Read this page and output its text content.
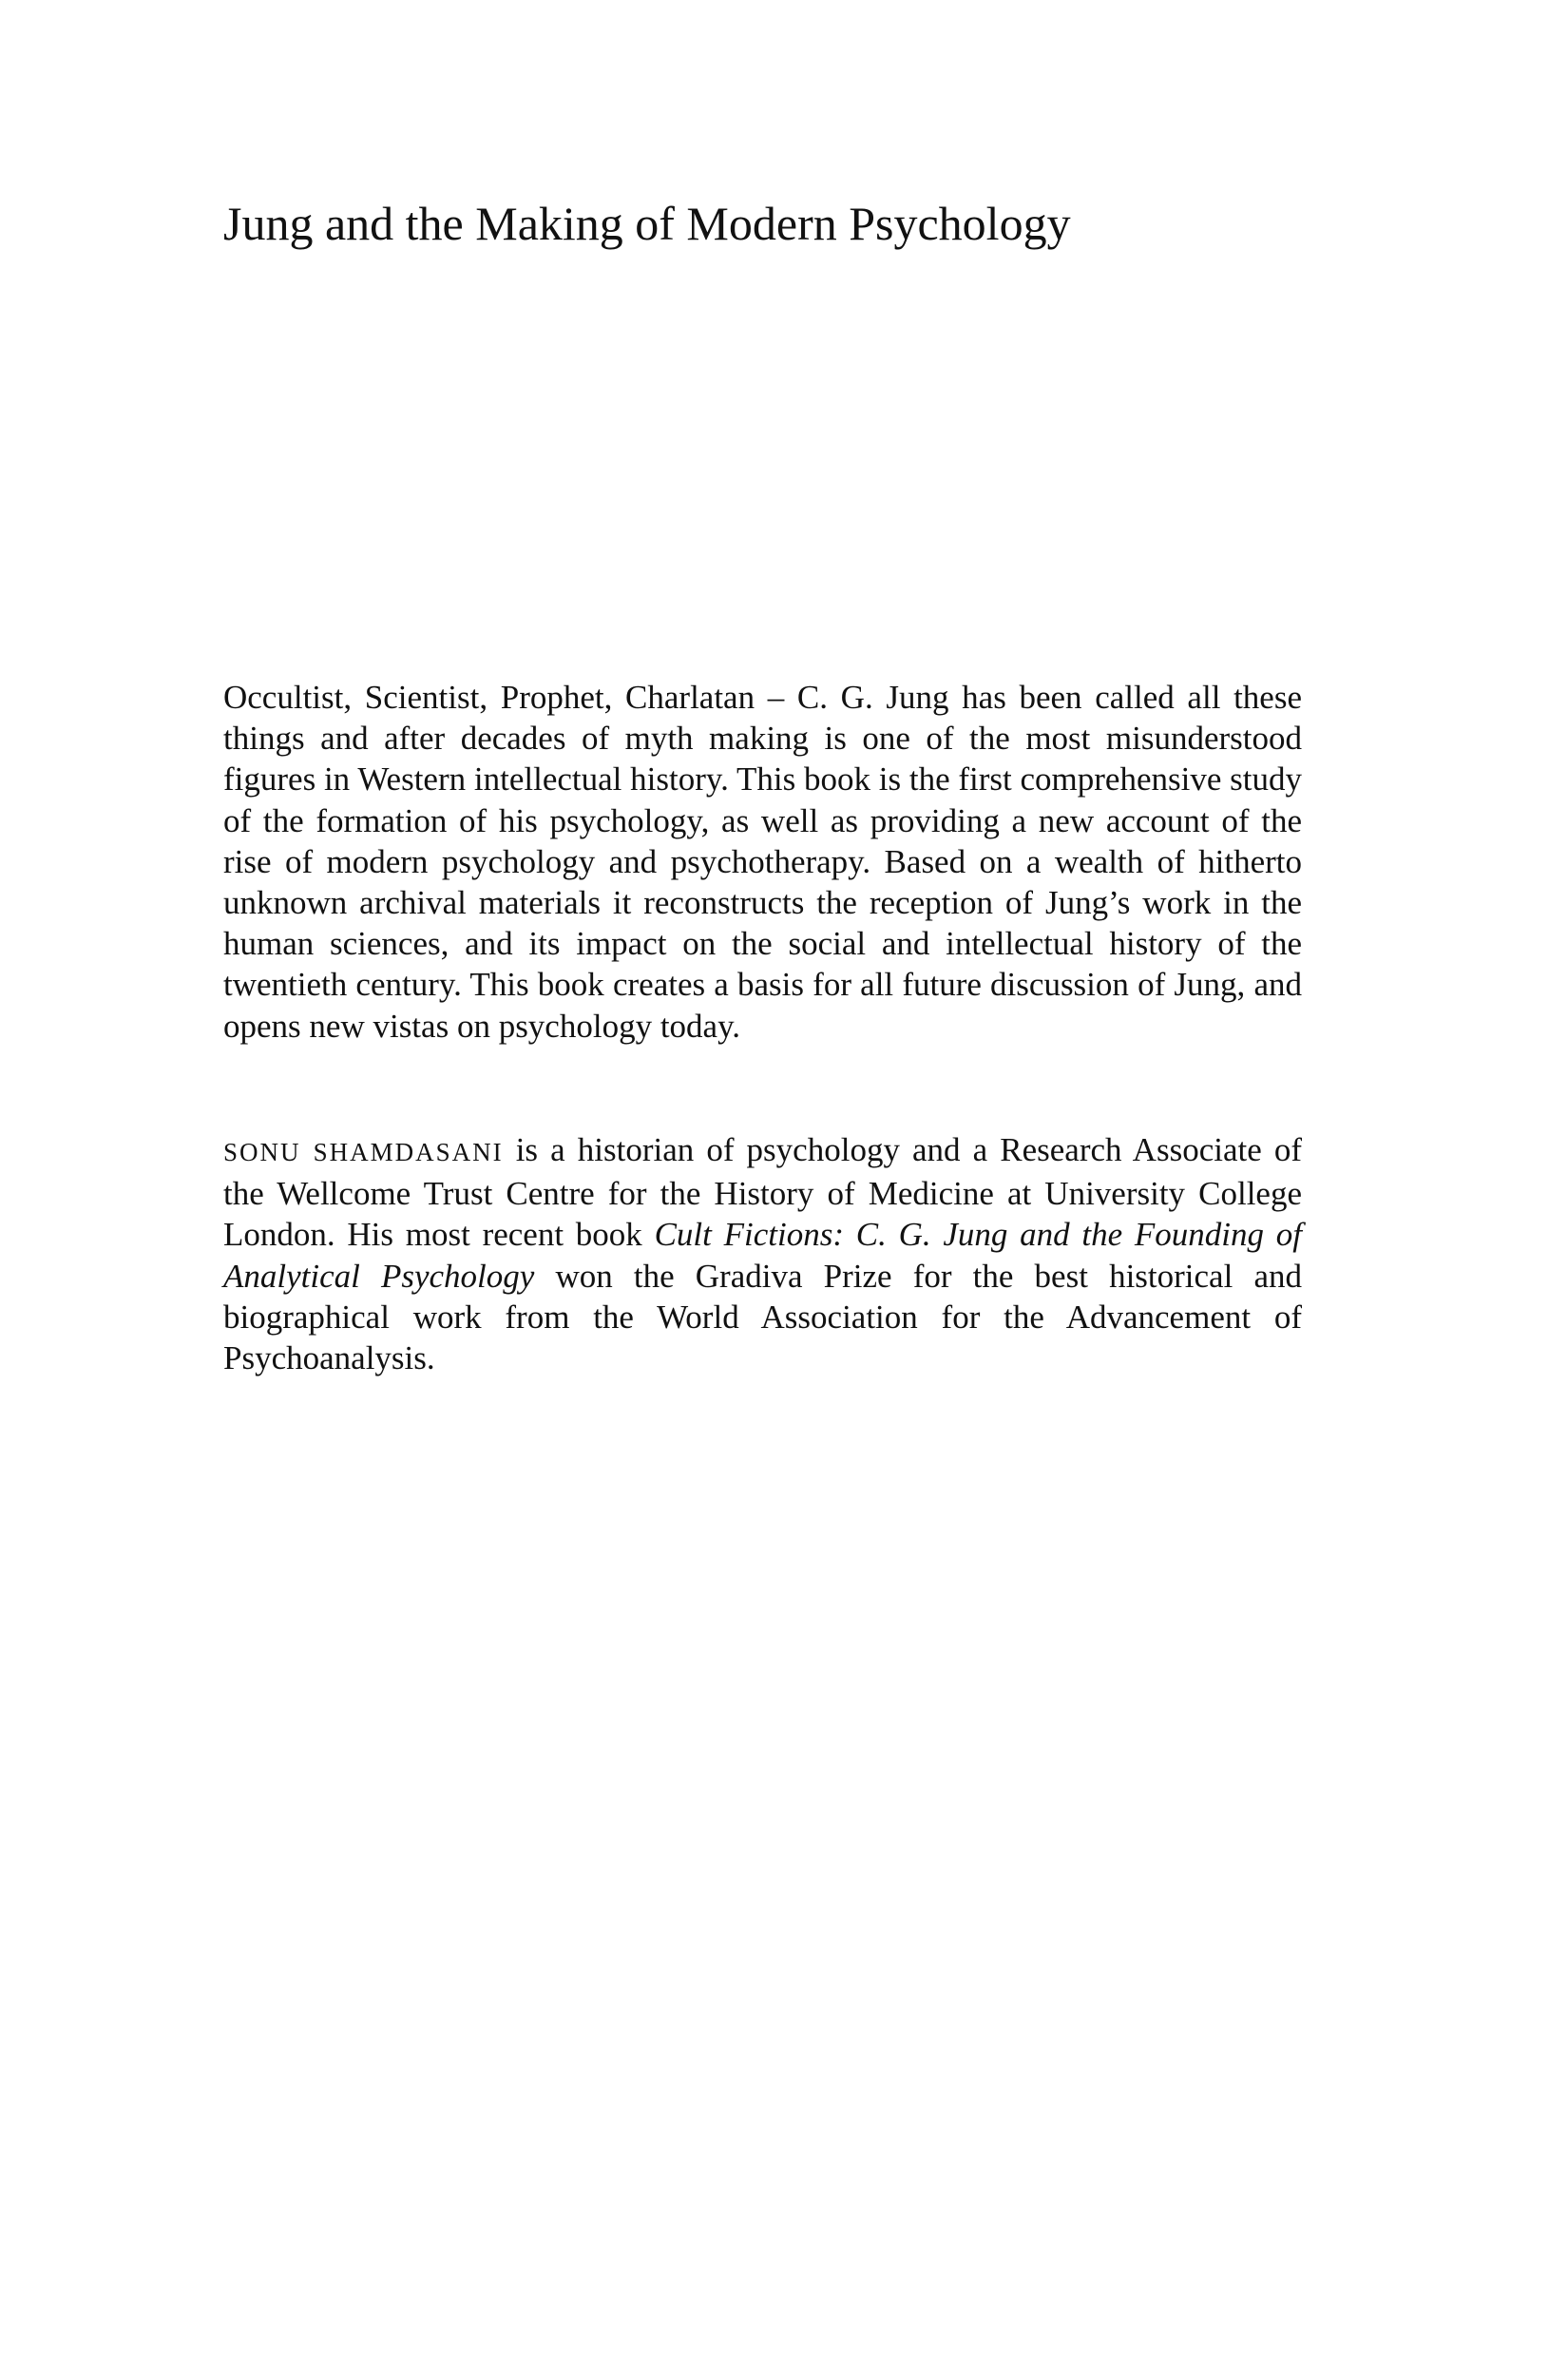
Jung and the Making of Modern Psychology

Occultist, Scientist, Prophet, Charlatan – C. G. Jung has been called all these things and after decades of myth making is one of the most misunderstood figures in Western intellectual history. This book is the first comprehensive study of the formation of his psychology, as well as providing a new account of the rise of modern psychology and psychotherapy. Based on a wealth of hitherto unknown archival materials it reconstructs the reception of Jung’s work in the human sciences, and its impact on the social and intellectual history of the twentieth century. This book creates a basis for all future discussion of Jung, and opens new vistas on psychology today.

SONU SHAMDASANI is a historian of psychology and a Research Associate of the Wellcome Trust Centre for the History of Medicine at University College London. His most recent book Cult Fictions: C. G. Jung and the Founding of Analytical Psychology won the Gradiva Prize for the best historical and biographical work from the World Association for the Advancement of Psychoanalysis.
